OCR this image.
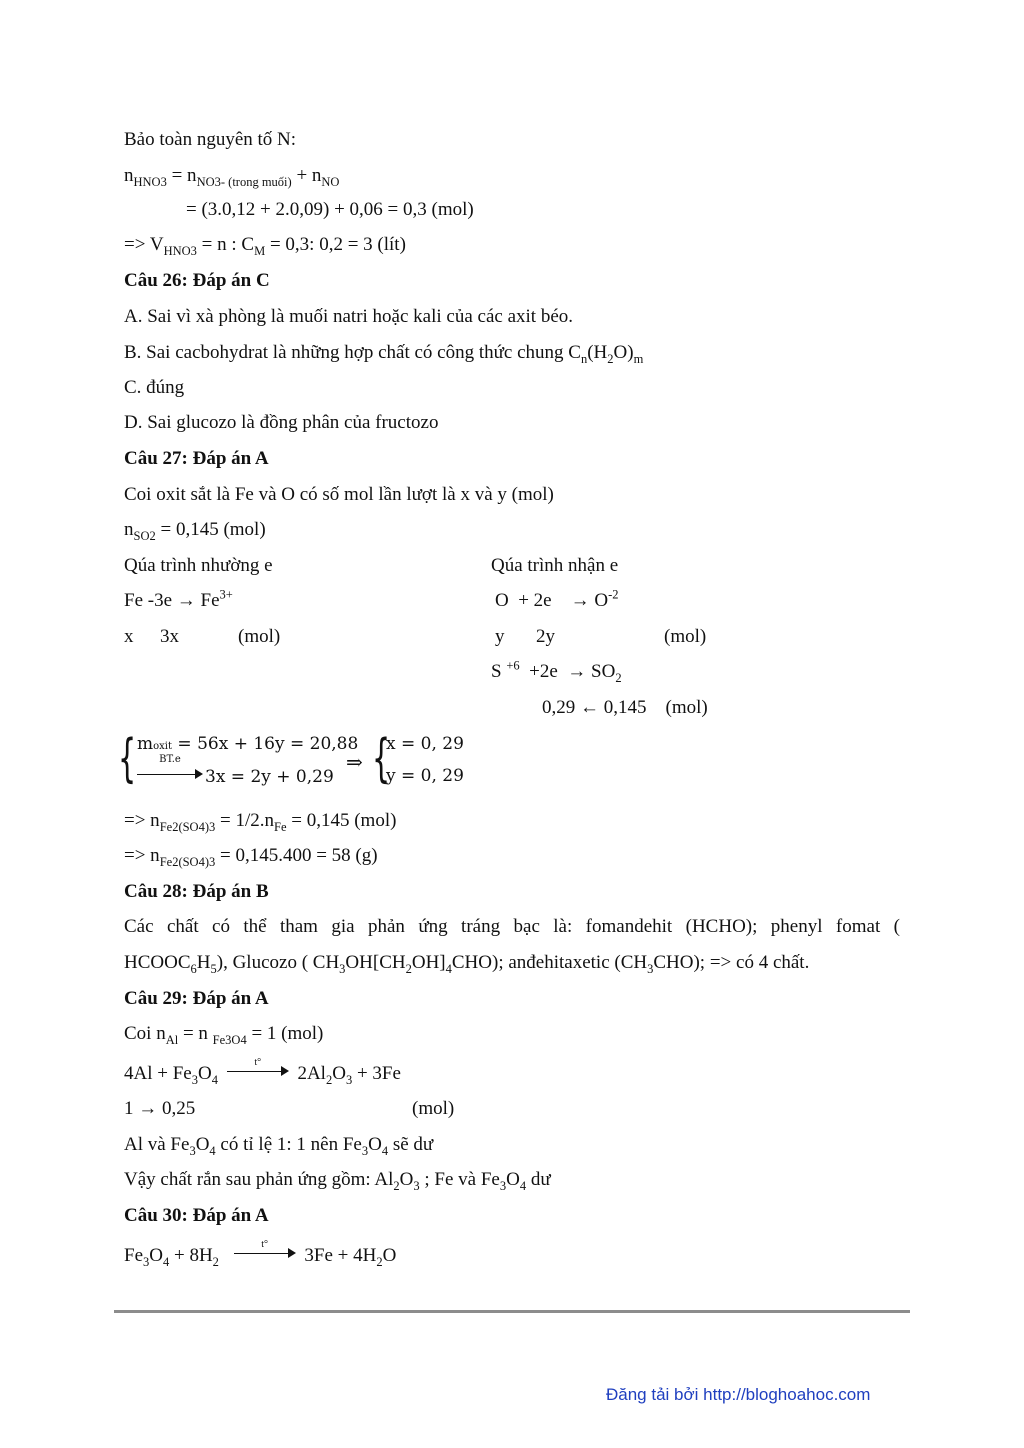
Bảo toàn nguyên tố N:
$n_{HNO3} = n_{NO3- (trong muối)} + n_{NO}$
= (3.0,12 + 2.0,09) + 0,06 = 0,3 (mol)
=> $V_{HNO3} = n$ : $C_M = 0,3$: 0,2 = 3 (lít)
Câu 26: Đáp án C
A. Sai vì xà phòng là muối natri hoặc kali của các axit béo.
B. Sai cacbohydrat là những hợp chất có công thức chung $C_n(H_2O)_m$
C. đúng
D. Sai glucozo là đồng phân của fructozo
Câu 27: Đáp án A
Coi oxit sắt là Fe và O có số mol lần lượt là x và y (mol)
$n_{SO2} = 0,145$ (mol)
Qúa trình nhường e	Qúa trình nhận e
Fe $-3e \to Fe^{3+}$	O  + 2e    → $O^{-2}$
x 3x	(mol)	y 2y	(mol)
S $^{+6} +2e \to SO_2$
0,29 ← 0,145    (mol)
{ moxit = 56x + 16y = 20,88
BT.e
3x = 2y + 0,29
⇒ {
x = 0, 29
y = 0, 29
=> $n_{Fe2(SO4)3} = 1/2.n_{Fe} = 0,145$ (mol)
=> $n_{Fe2(SO4)3} = 0,145.400 = 58$ (g)
Câu 28: Đáp án B
Các chất có thể tham gia phản ứng tráng bạc là: fomandehit (HCHO); phenyl fomat (
$HCOOC_6H_5$), Glucozo ( $CH_3OH[CH_2OH]_4CHO$); anđehitaxetic $(CH_3CHO)$; => có 4 chất.
Câu 29: Đáp án A
Coi $n_{Al} = n$ $_{Fe3O4}$ = 1 (mol)
$4Al + Fe_3O_4$
t°
$2Al_2O_3 + 3Fe$
1 → 0,25	(mol)
Al và $Fe_3O_4$ có tỉ lệ 1: 1 nên $Fe_3O_4$ sẽ dư
Vậy chất rắn sau phản ứng gồm: $Al_2O_3$ ; Fe và $Fe_3O_4$ dư
Câu 30: Đáp án A
$Fe_3O_4 + 8H_2$
t°
$3Fe + 4H_2O$
Đăng tải bởi http://bloghoahoc.com
